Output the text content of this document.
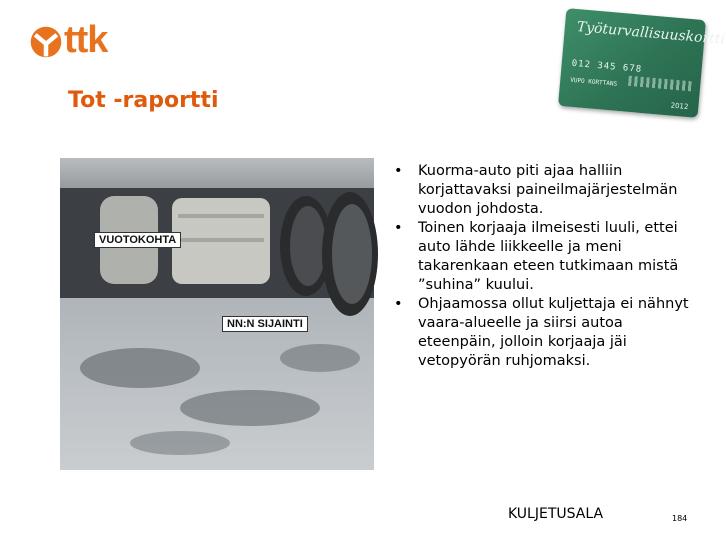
ttk
Tot -raportti
Työturvallisuuskortti
012 345 678
VUPO KORTTANS
2012
VUOTOKOHTA
NN:N SIJAINTI
• Kuorma-auto piti ajaa halliin korjattavaksi paineilmajärjestelmän vuodon johdosta.
• Toinen korjaaja ilmeisesti luuli, ettei auto lähde liikkeelle ja meni takarenkaan eteen tutkimaan mistä ”suhina” kuului.
• Ohjaamossa ollut kuljettaja ei nähnyt vaara-alueelle ja siirsi autoa eteenpäin, jolloin korjaaja jäi vetopyörän ruhjomaksi.
KULJETUSALA	184
